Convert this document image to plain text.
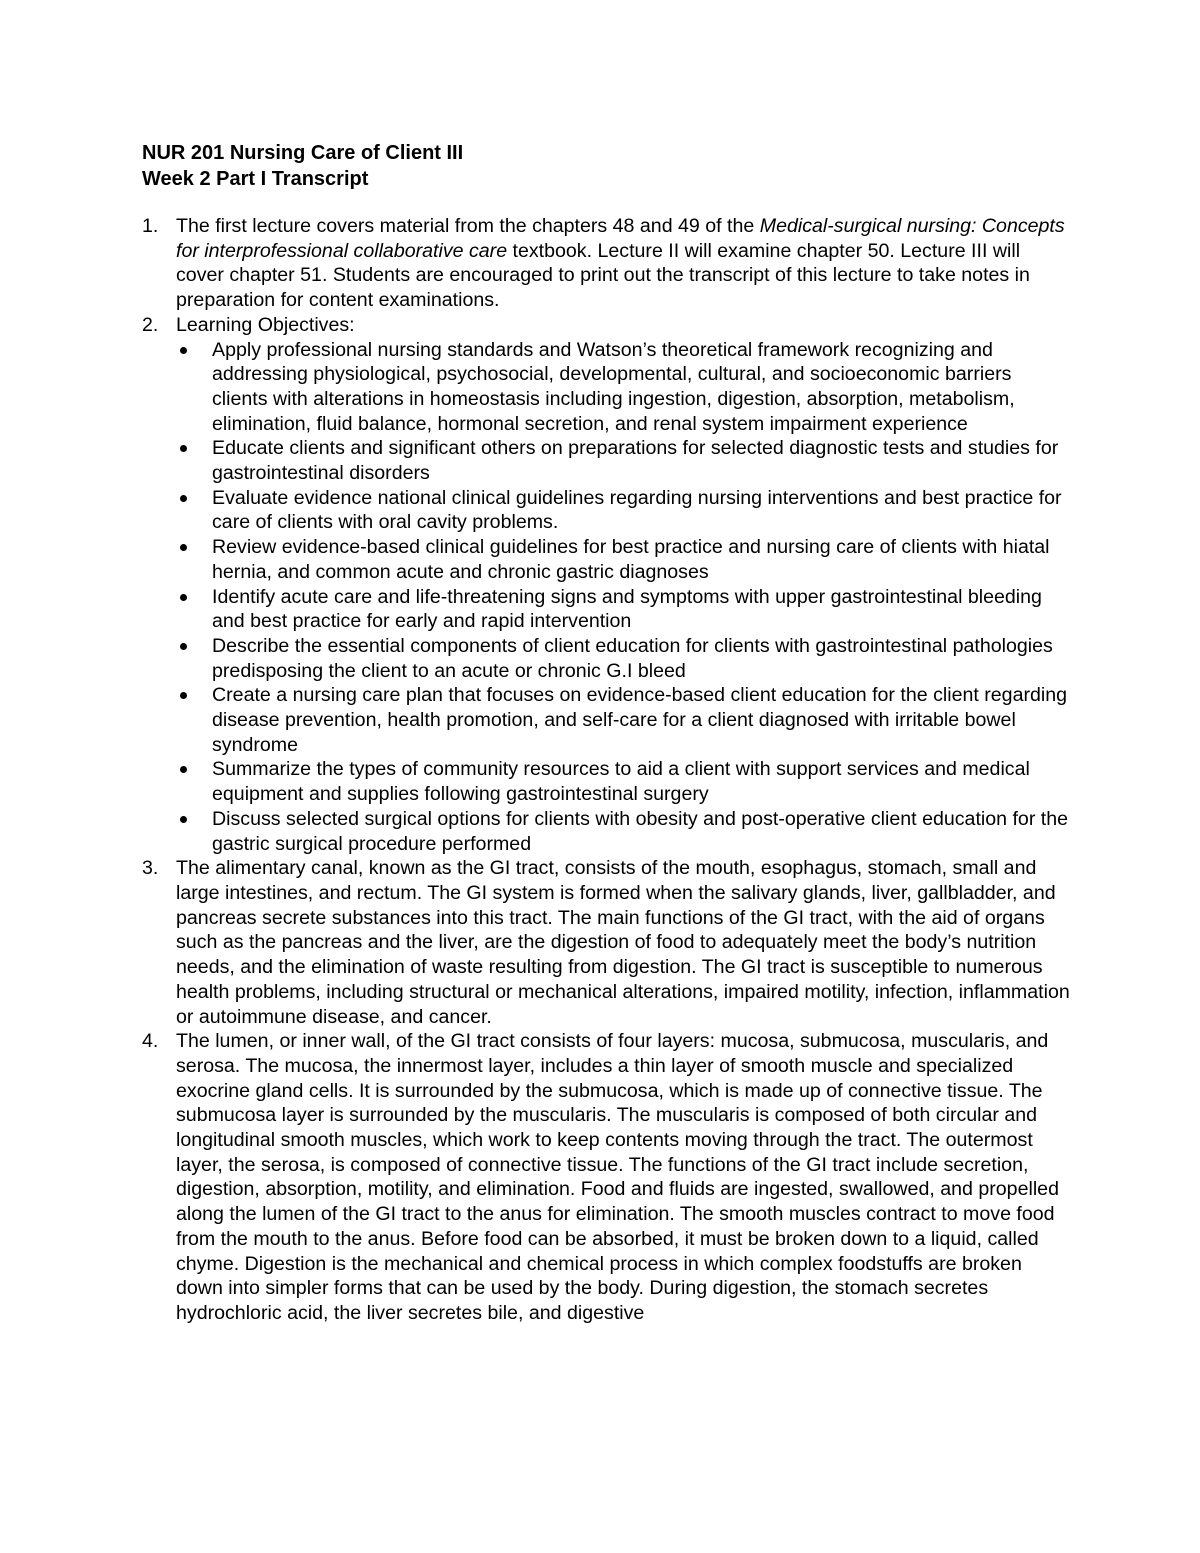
NUR 201 Nursing Care of Client III
Week 2 Part I Transcript
1. The first lecture covers material from the chapters 48 and 49 of the Medical-surgical nursing: Concepts for interprofessional collaborative care textbook. Lecture II will examine chapter 50. Lecture III will cover chapter 51. Students are encouraged to print out the transcript of this lecture to take notes in preparation for content examinations.
2. Learning Objectives:
Apply professional nursing standards and Watson’s theoretical framework recognizing and addressing physiological, psychosocial, developmental, cultural, and socioeconomic barriers clients with alterations in homeostasis including ingestion, digestion, absorption, metabolism, elimination, fluid balance, hormonal secretion, and renal system impairment experience
Educate clients and significant others on preparations for selected diagnostic tests and studies for gastrointestinal disorders
Evaluate evidence national clinical guidelines regarding nursing interventions and best practice for care of clients with oral cavity problems.
Review evidence-based clinical guidelines for best practice and nursing care of clients with hiatal hernia, and common acute and chronic gastric diagnoses
Identify acute care and life-threatening signs and symptoms with upper gastrointestinal bleeding and best practice for early and rapid intervention
Describe the essential components of client education for clients with gastrointestinal pathologies predisposing the client to an acute or chronic G.I bleed
Create a nursing care plan that focuses on evidence-based client education for the client regarding disease prevention, health promotion, and self-care for a client diagnosed with irritable bowel syndrome
Summarize the types of community resources to aid a client with support services and medical equipment and supplies following gastrointestinal surgery
Discuss selected surgical options for clients with obesity and post-operative client education for the gastric surgical procedure performed
3. The alimentary canal, known as the GI tract, consists of the mouth, esophagus, stomach, small and large intestines, and rectum. The GI system is formed when the salivary glands, liver, gallbladder, and pancreas secrete substances into this tract. The main functions of the GI tract, with the aid of organs such as the pancreas and the liver, are the digestion of food to adequately meet the body’s nutrition needs, and the elimination of waste resulting from digestion. The GI tract is susceptible to numerous health problems, including structural or mechanical alterations, impaired motility, infection, inflammation or autoimmune disease, and cancer.
4. The lumen, or inner wall, of the GI tract consists of four layers: mucosa, submucosa, muscularis, and serosa. The mucosa, the innermost layer, includes a thin layer of smooth muscle and specialized exocrine gland cells. It is surrounded by the submucosa, which is made up of connective tissue. The submucosa layer is surrounded by the muscularis. The muscularis is composed of both circular and longitudinal smooth muscles, which work to keep contents moving through the tract. The outermost layer, the serosa, is composed of connective tissue. The functions of the GI tract include secretion, digestion, absorption, motility, and elimination. Food and fluids are ingested, swallowed, and propelled along the lumen of the GI tract to the anus for elimination. The smooth muscles contract to move food from the mouth to the anus. Before food can be absorbed, it must be broken down to a liquid, called chyme. Digestion is the mechanical and chemical process in which complex foodstuffs are broken down into simpler forms that can be used by the body. During digestion, the stomach secretes hydrochloric acid, the liver secretes bile, and digestive
